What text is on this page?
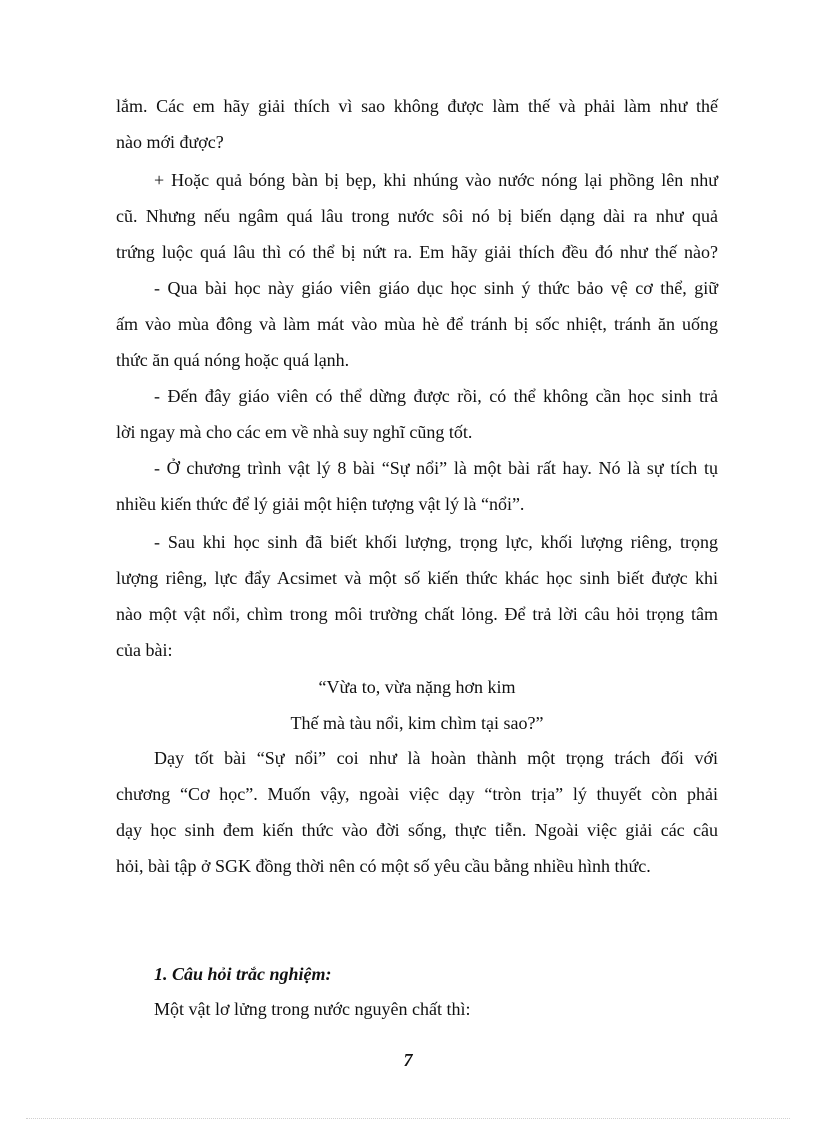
lắm. Các em hãy giải thích vì sao không được làm thế và phải làm như thế
nào mới được?
+ Hoặc quả bóng bàn bị bẹp, khi nhúng vào nước nóng lại phồng lên như
cũ. Nhưng nếu ngâm quá lâu trong nước sôi nó bị biến dạng dài ra như quả
trứng luộc quá lâu thì có thể bị nứt ra. Em hãy giải thích đều đó như thế nào?
- Qua bài học này giáo viên giáo dục học sinh ý thức bảo vệ cơ thể, giữ
ấm vào mùa đông và làm mát vào mùa hè để tránh bị sốc nhiệt, tránh ăn uống
thức ăn quá nóng hoặc quá lạnh.
- Đến đây giáo viên có thể dừng được rồi, có thể không cần học sinh trả
lời ngay mà cho các em về nhà suy nghĩ cũng tốt.
- Ở chương trình vật lý 8 bài “Sự nổi” là một bài rất hay. Nó là sự tích tụ
nhiều kiến thức để lý giải một hiện tượng vật lý là “nổi”.
- Sau khi học sinh đã biết khối lượng, trọng lực, khối lượng riêng, trọng
lượng riêng, lực đẩy Acsimet và một số kiến thức khác học sinh biết được khi
nào một vật nổi, chìm trong môi trường chất lỏng. Để trả lời câu hỏi trọng tâm
của bài:
“Vừa to, vừa nặng hơn kim
Thế mà tàu nổi, kim chìm tại sao?”
Dạy tốt bài “Sự nổi” coi như là hoàn thành một trọng trách đối với
chương “Cơ học”. Muốn vậy, ngoài việc dạy “tròn trịa” lý thuyết còn phải
dạy học sinh đem kiến thức vào đời sống, thực tiễn. Ngoài việc giải các câu
hỏi, bài tập ở SGK đồng thời nên có một số yêu cầu bằng nhiều hình thức.
1. Câu hỏi trắc nghiệm:
Một vật lơ lửng trong nước nguyên chất thì:
7
